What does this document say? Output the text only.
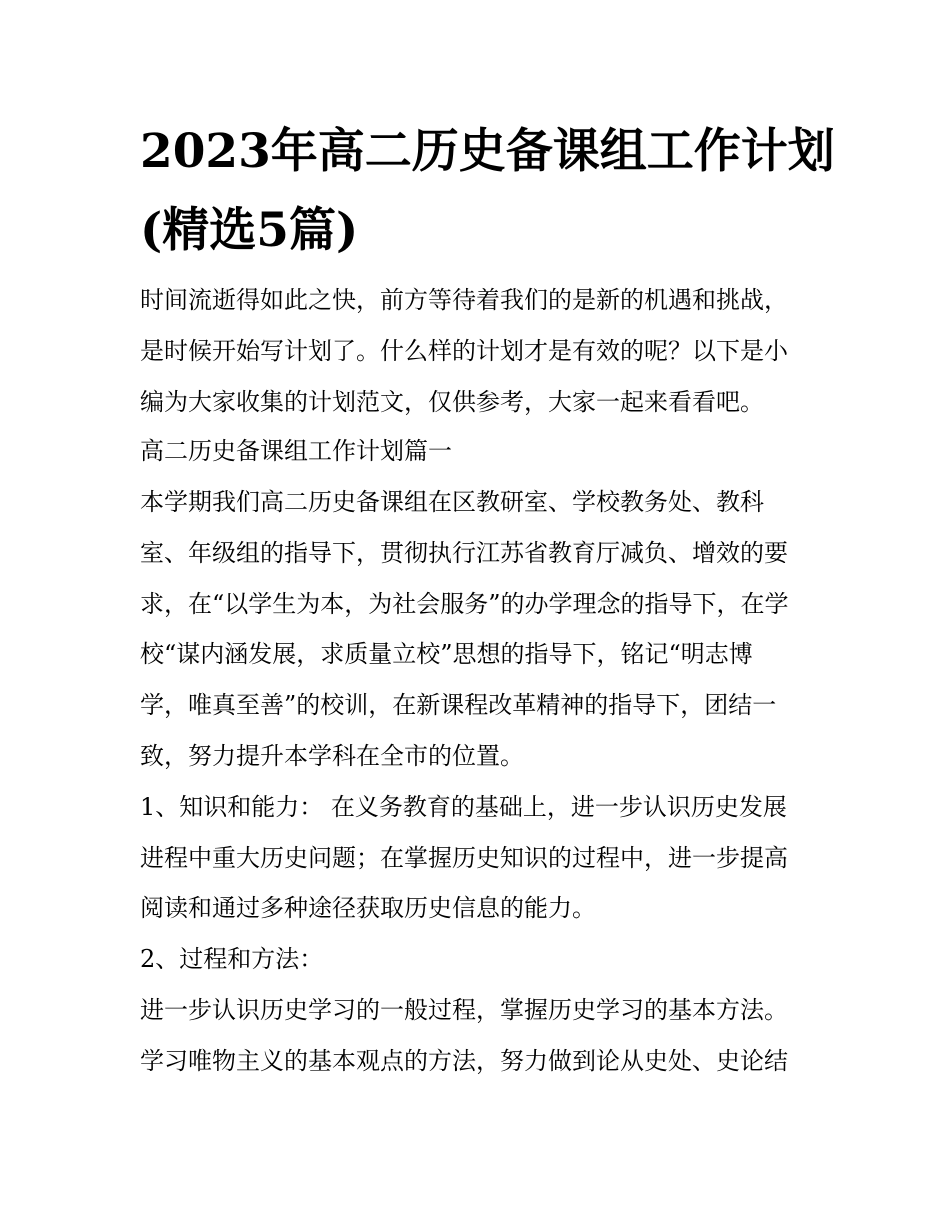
2023年高二历史备课组工作计划(精选5篇)

时间流逝得如此之快，前方等待着我们的是新的机遇和挑战，

是时候开始写计划了。什么样的计划才是有效的呢？以下是小

编为大家收集的计划范文，仅供参考，大家一起来看看吧。

高二历史备课组工作计划篇一

本学期我们高二历史备课组在区教研室、学校教务处、教科

室、年级组的指导下，贯彻执行江苏省教育厅减负、增效的要

求，在“以学生为本，为社会服务”的办学理念的指导下，在学

校“谋内涵发展，求质量立校”思想的指导下，铭记“明志博

学，唯真至善”的校训，在新课程改革精神的指导下，团结一

致，努力提升本学科在全市的位置。

1、知识和能力： 在义务教育的基础上，进一步认识历史发展

进程中重大历史问题；在掌握历史知识的过程中，进一步提高

阅读和通过多种途径获取历史信息的能力。

2、过程和方法：

进一步认识历史学习的一般过程，掌握历史学习的基本方法。

学习唯物主义的基本观点的方法，努力做到论从史处、史论结
